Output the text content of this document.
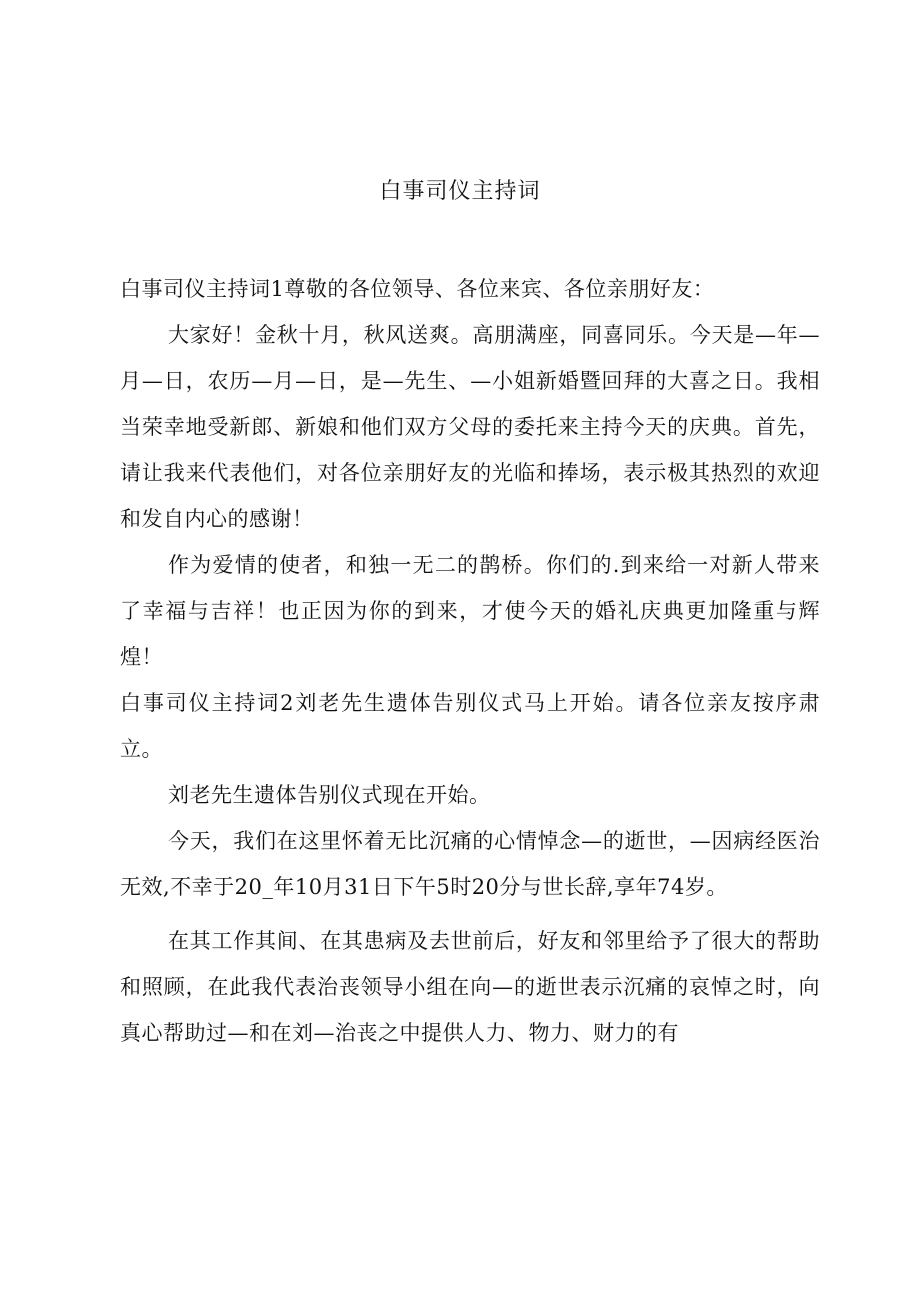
白事司仪主持词

白事司仪主持词1尊敬的各位领导、各位来宾、各位亲朋好友：

大家好！金秋十月，秋风送爽。高朋满座，同喜同乐。今天是—年—月—日，农历—月—日，是—先生、—小姐新婚暨回拜的大喜之日。我相当荣幸地受新郎、新娘和他们双方父母的委托来主持今天的庆典。首先，请让我来代表他们，对各位亲朋好友的光临和捧场，表示极其热烈的欢迎和发自内心的感谢！

作为爱情的使者，和独一无二的鹊桥。你们的.到来给一对新人带来了幸福与吉祥！也正因为你的到来，才使今天的婚礼庆典更加隆重与辉煌！

白事司仪主持词2刘老先生遗体告别仪式马上开始。请各位亲友按序肃立。

刘老先生遗体告别仪式现在开始。

今天，我们在这里怀着无比沉痛的心情悼念—的逝世，—因病经医治无效,不幸于20_年10月31日下午5时20分与世长辞,享年74岁。

在其工作其间、在其患病及去世前后，好友和邻里给予了很大的帮助和照顾，在此我代表治丧领导小组在向—的逝世表示沉痛的哀悼之时，向真心帮助过—和在刘—治丧之中提供人力、物力、财力的有
